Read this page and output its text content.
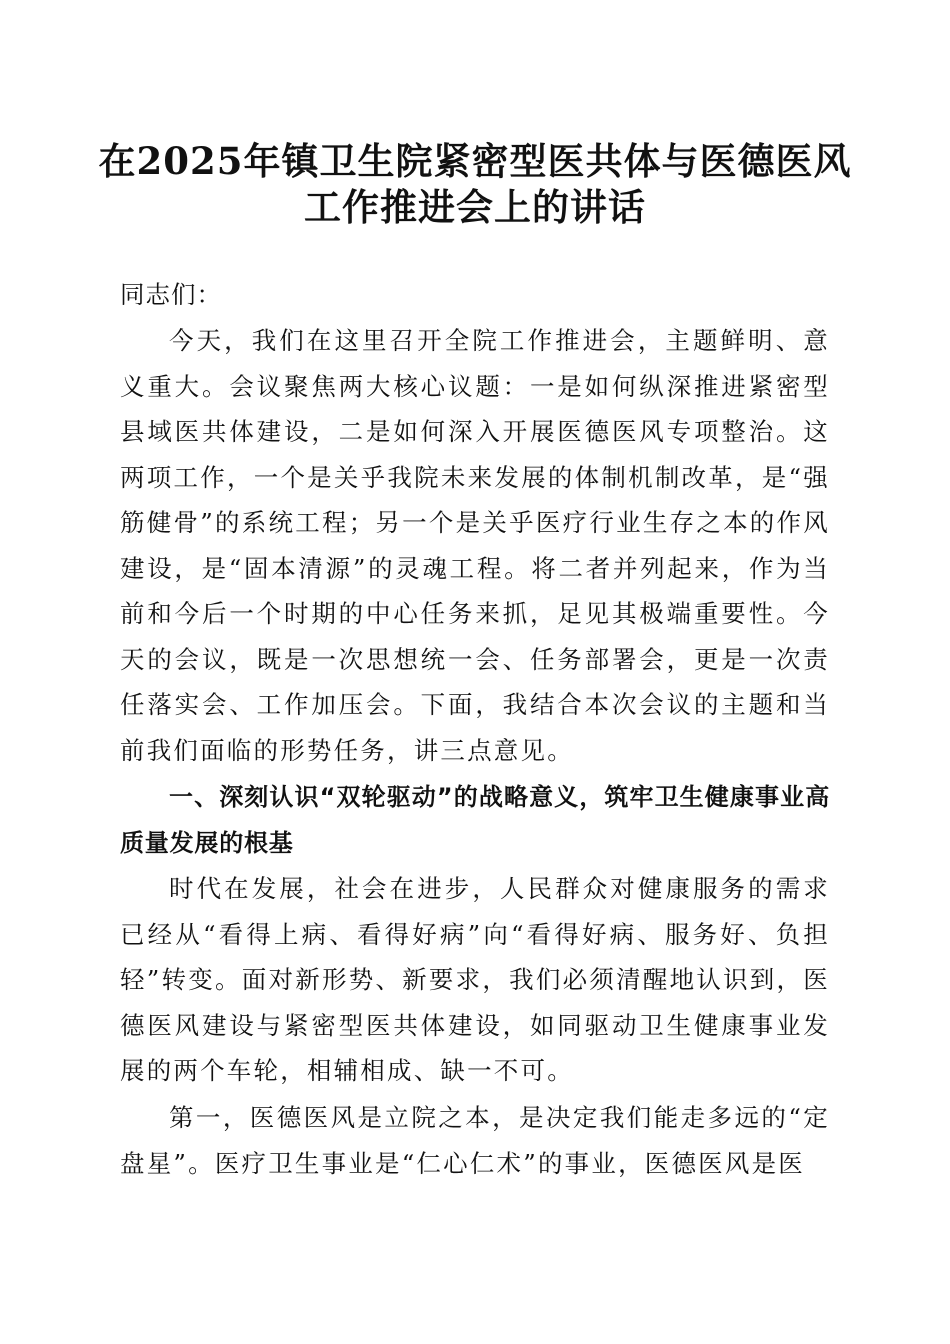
在2025年镇卫生院紧密型医共体与医德医风
工作推进会上的讲话

同志们：

今天，我们在这里召开全院工作推进会，主题鲜明、意义重大。会议聚焦两大核心议题：一是如何纵深推进紧密型县域医共体建设，二是如何深入开展医德医风专项整治。这两项工作，一个是关乎我院未来发展的体制机制改革，是“强筋健骨”的系统工程；另一个是关乎医疗行业生存之本的作风建设，是“固本清源”的灵魂工程。将二者并列起来，作为当前和今后一个时期的中心任务来抓，足见其极端重要性。今天的会议，既是一次思想统一会、任务部署会，更是一次责任落实会、工作加压会。下面，我结合本次会议的主题和当前我们面临的形势任务，讲三点意见。

一、深刻认识“双轮驱动”的战略意义，筑牢卫生健康事业高质量发展的根基

时代在发展，社会在进步，人民群众对健康服务的需求已经从“看得上病、看得好病”向“看得好病、服务好、负担轻”转变。面对新形势、新要求，我们必须清醒地认识到，医德医风建设与紧密型医共体建设，如同驱动卫生健康事业发展的两个车轮，相辅相成、缺一不可。

第一，医德医风是立院之本，是决定我们能走多远的“定盘星”。医疗卫生事业是“仁心仁术”的事业，医德医风是医
